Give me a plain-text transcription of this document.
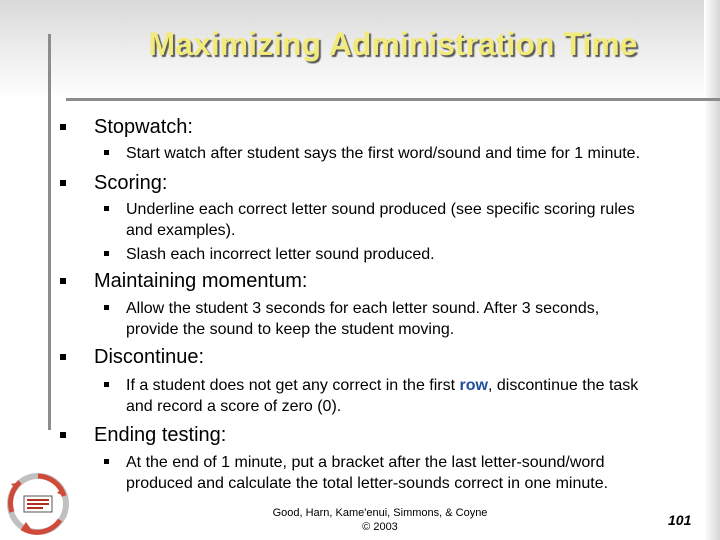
Maximizing Administration Time
Stopwatch:
Start watch after student says the first word/sound and time for 1 minute.
Scoring:
Underline each correct letter sound produced (see specific scoring rules
and examples).
Slash each incorrect letter sound produced.
Maintaining momentum:
Allow the student 3 seconds for each letter sound. After 3 seconds,
provide the sound to keep the student moving.
Discontinue:
If a student does not get any correct in the first row, discontinue the task
and record a score of zero (0).
Ending testing:
At the end of 1 minute, put a bracket after the last letter-sound/word
produced and calculate the total letter-sounds correct in one minute.
Good, Harn, Kame'enui, Simmons, & Coyne
© 2003	101
